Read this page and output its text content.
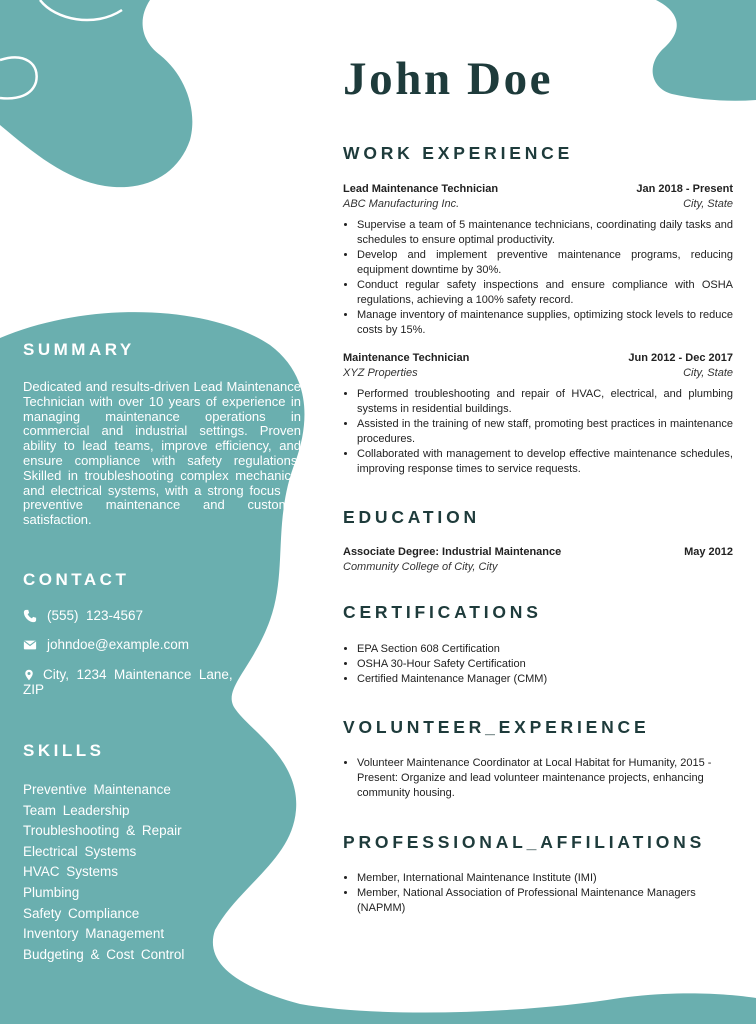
SUMMARY
Dedicated and results-driven Lead Maintenance Technician with over 10 years of experience in managing maintenance operations in commercial and industrial settings. Proven ability to lead teams, improve efficiency, and ensure compliance with safety regulations. Skilled in troubleshooting complex mechanical and electrical systems, with a strong focus on preventive maintenance and customer satisfaction.
CONTACT
(555)  123-4567
johndoe@example.com
City,  1234  Maintenance  Lane, ZIP
SKILLS
Preventive Maintenance
Team Leadership
Troubleshooting & Repair
Electrical Systems
HVAC Systems
Plumbing
Safety Compliance
Inventory Management
Budgeting & Cost Control
John Doe
WORK EXPERIENCE
Lead Maintenance Technician	Jan 2018 - Present
ABC Manufacturing Inc.	City, State
• Supervise a team of 5 maintenance technicians, coordinating daily tasks and schedules to ensure optimal productivity.
• Develop and implement preventive maintenance programs, reducing equipment downtime by 30%.
• Conduct regular safety inspections and ensure compliance with OSHA regulations, achieving a 100% safety record.
• Manage inventory of maintenance supplies, optimizing stock levels to reduce costs by 15%.
Maintenance Technician	Jun 2012 - Dec 2017
XYZ Properties	City, State
• Performed troubleshooting and repair of HVAC, electrical, and plumbing systems in residential buildings.
• Assisted in the training of new staff, promoting best practices in maintenance procedures.
• Collaborated with management to develop effective maintenance schedules, improving response times to service requests.
EDUCATION
Associate Degree: Industrial Maintenance	May 2012
Community College of City, City
CERTIFICATIONS
• EPA Section 608 Certification
• OSHA 30-Hour Safety Certification
• Certified Maintenance Manager (CMM)
VOLUNTEER_EXPERIENCE
• Volunteer Maintenance Coordinator at Local Habitat for Humanity, 2015 - Present: Organize and lead volunteer maintenance projects, enhancing community housing.
PROFESSIONAL_AFFILIATIONS
• Member, International Maintenance Institute (IMI)
• Member, National Association of Professional Maintenance Managers (NAPMM)
